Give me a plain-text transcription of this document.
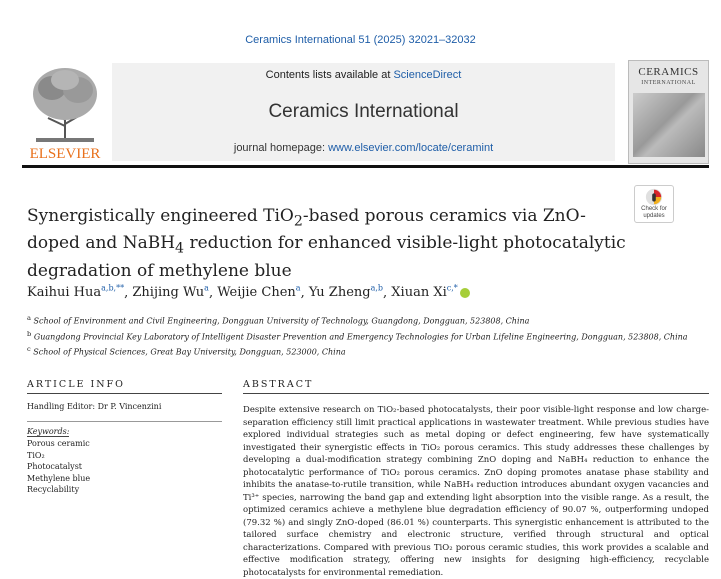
Ceramics International 51 (2025) 32021–32032
ELSEVIER
Contents lists available at ScienceDirect
Ceramics International
journal homepage: www.elsevier.com/locate/ceramint
CERAMICS
INTERNATIONAL
Synergistically engineered TiO$_2$-based porous ceramics via ZnO-doped and NaBH$_4$ reduction for enhanced visible-light photocatalytic degradation of methylene blue
Check for
updates
Kaihui Hua$^{a,b,**}$, Zhijing Wu$^a$, Weijie Chen$^a$, Yu Zheng$^{a,b}$, Xiuan $Xi^{c,*}$
$^a$ School of Environment and Civil Engineering, Dongguan University of Technology, Guangdong, Dongguan, 523808, China
$^b$ Guangdong Provincial Key Laboratory of Intelligent Disaster Prevention and Emergency Technologies for Urban Lifeline Engineering, Dongguan, 523808, China
$^c$ School of Physical Sciences, Great Bay University, Dongguan, 523000, China
ARTICLE INFO	ABSTRACT
Handling Editor: Dr P. Vincenzini
Keywords:
Porous ceramic
TiO₂
Photocatalyst
Methylene blue
Recyclability
Despite extensive research on TiO₂-based photocatalysts, their poor visible-light response and low charge-separation efficiency still limit practical applications in wastewater treatment. While previous studies have explored individual strategies such as metal doping or defect engineering, few have systematically investigated their synergistic effects in TiO₂ porous ceramics. This study addresses these challenges by developing a dual-modification strategy combining ZnO doping and NaBH₄ reduction to enhance the photocatalytic performance of TiO₂ porous ceramics. ZnO doping promotes anatase phase stability and inhibits the anatase-to-rutile transition, while NaBH₄ reduction introduces abundant oxygen vacancies and Ti³⁺ species, narrowing the band gap and extending light absorption into the visible range. As a result, the optimized ceramics achieve a methylene blue degradation efficiency of 90.07 %, outperforming undoped (79.32 %) and singly ZnO-doped (86.01 %) counterparts. This synergistic enhancement is attributed to the tailored surface chemistry and electronic structure, verified through structural and optical characterizations. Compared with previous TiO₂ porous ceramic studies, this work provides a scalable and effective modification strategy, offering new insights for designing high-efficiency, recyclable photocatalysts for environmental remediation.
